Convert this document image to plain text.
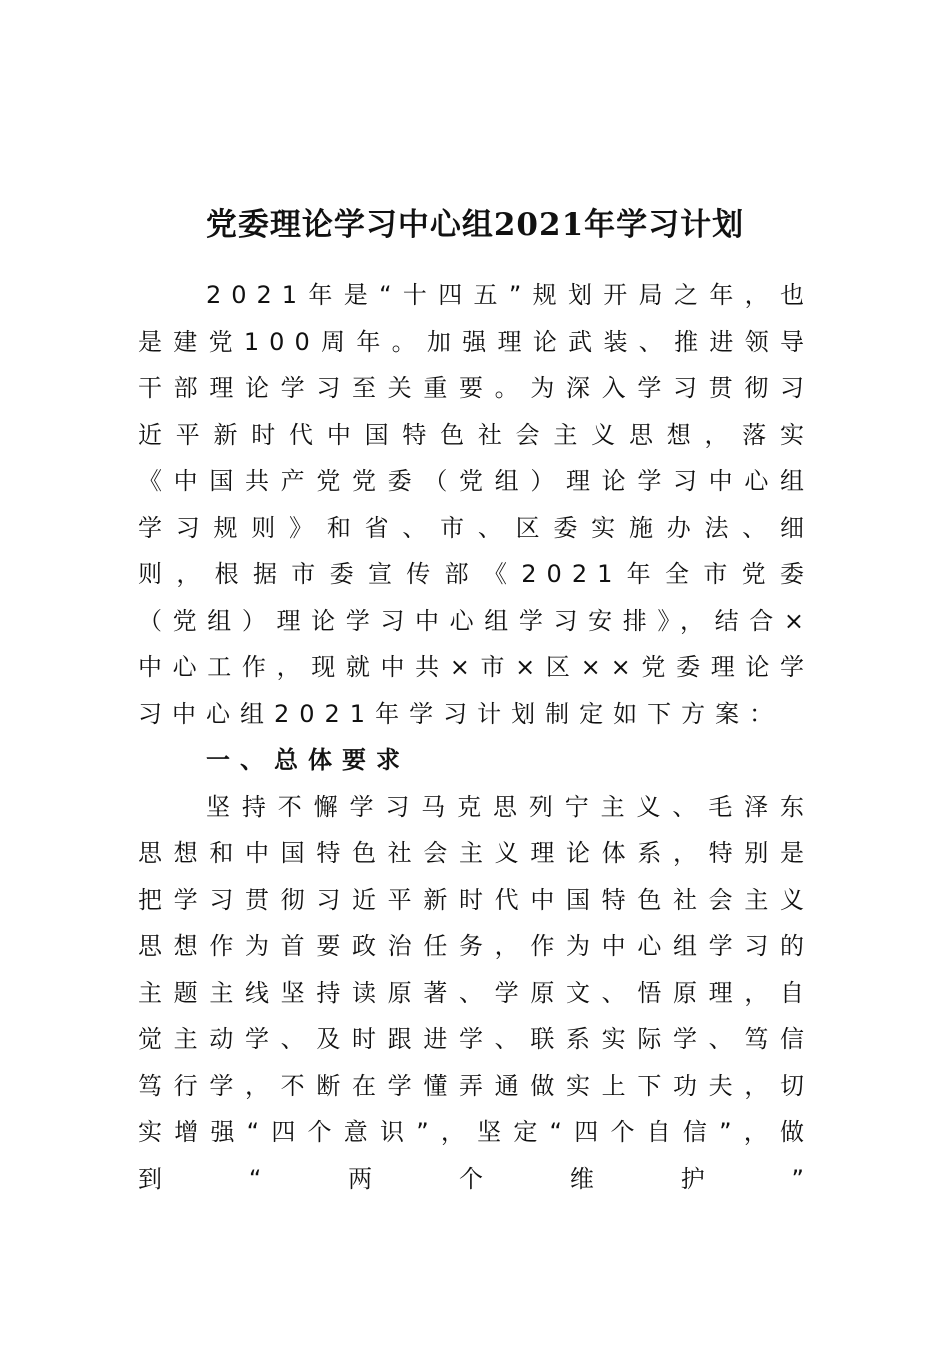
党委理论学习中心组2021年学习计划

2021年是“十四五”规划开局之年，也是建党100周年。加强理论武装、推进领导干部理论学习至关重要。为深入学习贯彻习近平新时代中国特色社会主义思想，落实《中国共产党党委（党组）理论学习中心组学习规则》和省、市、区委实施办法、细则，根据市委宣传部《2021年全市党委（党组）理论学习中心组学习安排》，结合×中心工作，现就中共×市×区××党委理论学习中心组2021年学习计划制定如下方案：

一、总体要求

坚持不懈学习马克思列宁主义、毛泽东思想和中国特色社会主义理论体系，特别是把学习贯彻习近平新时代中国特色社会主义思想作为首要政治任务，作为中心组学习的主题主线坚持读原著、学原文、悟原理，自觉主动学、及时跟进学、联系实际学、笃信笃行学，不断在学懂弄通做实上下功夫，切实增强“四个意识”，坚定“四个自信”，做到“两个维护”
